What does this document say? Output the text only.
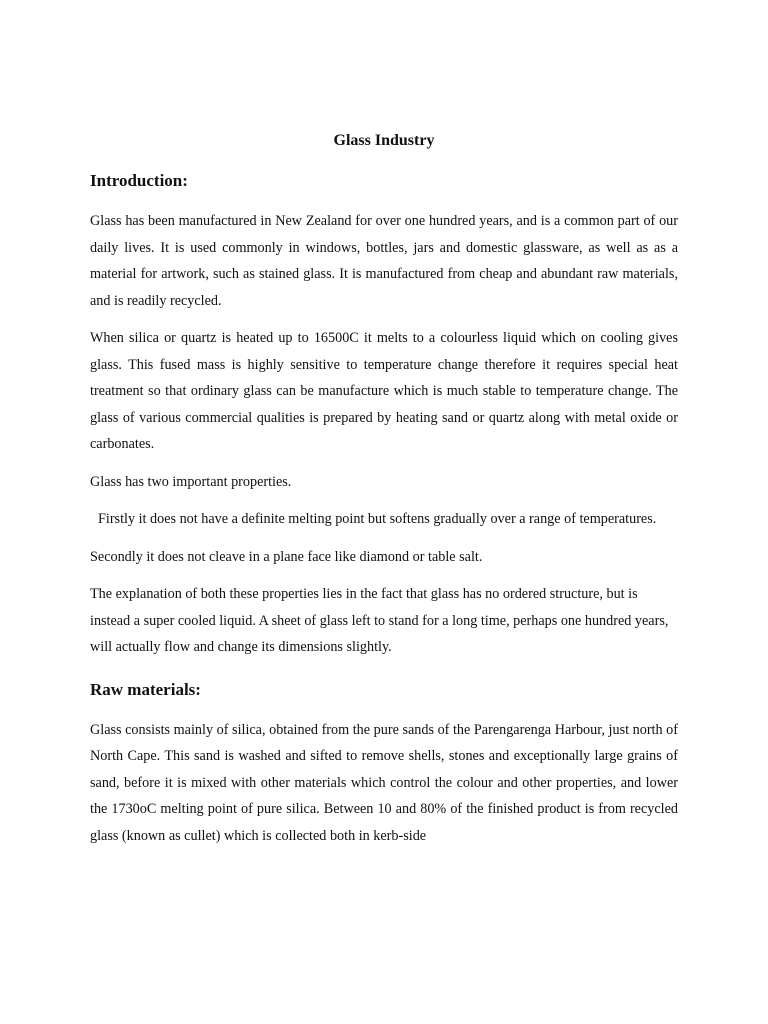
Glass Industry
Introduction:

Glass has been manufactured in New Zealand for over one hundred years, and is a common part of our daily lives. It is used commonly in windows, bottles, jars and domestic glassware, as well as as a material for artwork, such as stained glass. It is manufactured from cheap and abundant raw materials, and is readily recycled.

When silica or quartz is heated up to 16500C it melts to a colourless liquid which on cooling gives glass. This fused mass is highly sensitive to temperature change therefore it requires special heat treatment so that ordinary glass can be manufacture which is much stable to temperature change. The glass of various commercial qualities is prepared by heating sand or quartz along with metal oxide or carbonates.

Glass has two important properties.

Firstly it does not have a definite melting point but softens gradually over a range of temperatures.

Secondly it does not cleave in a plane face like diamond or table salt.

The explanation of both these properties lies in the fact that glass has no ordered structure, but is instead a super cooled liquid. A sheet of glass left to stand for a long time, perhaps one hundred years, will actually flow and change its dimensions slightly.

Raw materials:

Glass consists mainly of silica, obtained from the pure sands of the Parengarenga Harbour, just north of North Cape. This sand is washed and sifted to remove shells, stones and exceptionally large grains of sand, before it is mixed with other materials which control the colour and other properties, and lower the 1730oC melting point of pure silica. Between 10 and 80% of the finished product is from recycled glass (known as cullet) which is collected both in kerb-side
